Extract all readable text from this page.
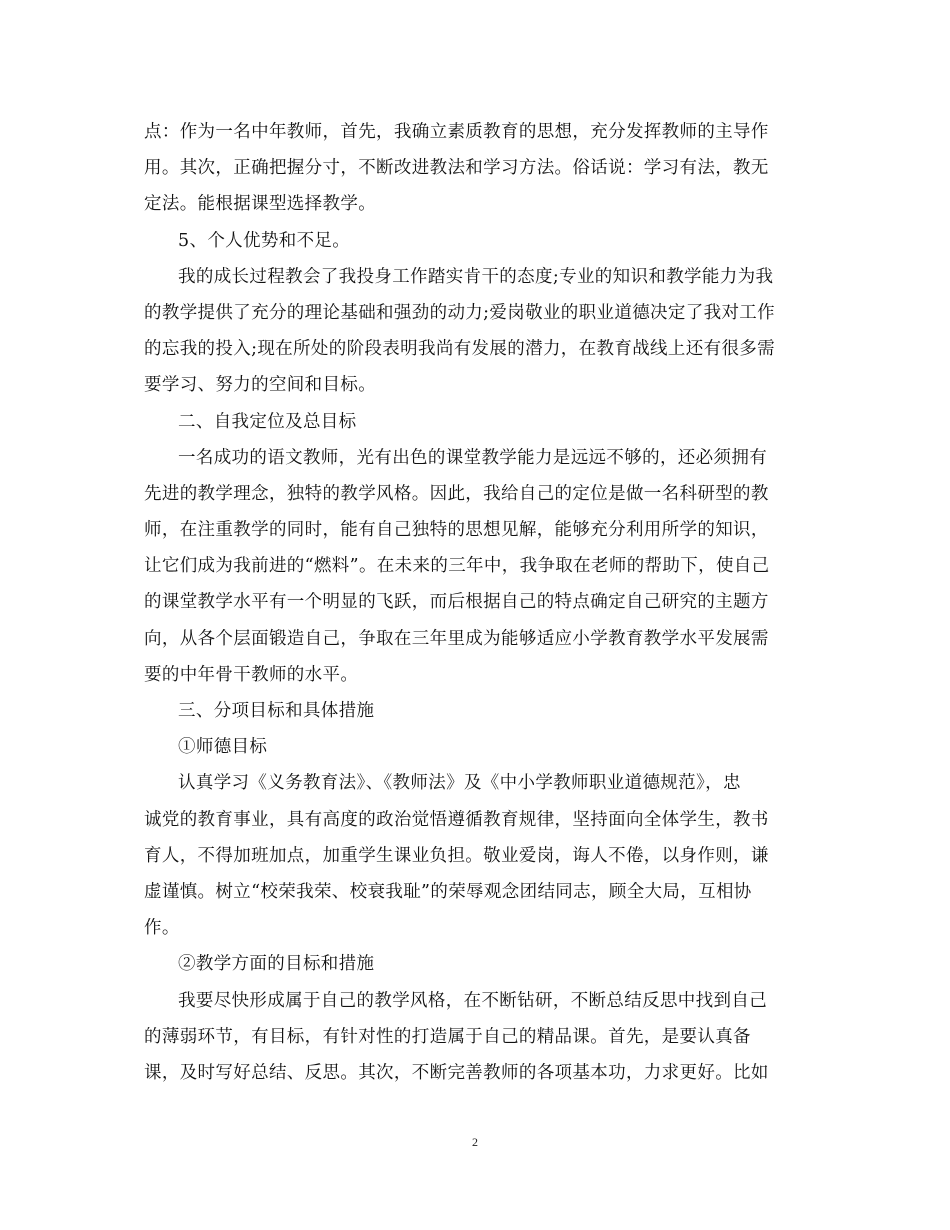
点：作为一名中年教师，首先，我确立素质教育的思想，充分发挥教师的主导作
用。其次，正确把握分寸，不断改进教法和学习方法。俗话说：学习有法，教无
定法。能根据课型选择教学。
5、个人优势和不足。
我的成长过程教会了我投身工作踏实肯干的态度;专业的知识和教学能力为我
的教学提供了充分的理论基础和强劲的动力;爱岗敬业的职业道德决定了我对工作
的忘我的投入;现在所处的阶段表明我尚有发展的潜力，在教育战线上还有很多需
要学习、努力的空间和目标。
二、自我定位及总目标
一名成功的语文教师，光有出色的课堂教学能力是远远不够的，还必须拥有
先进的教学理念，独特的教学风格。因此，我给自己的定位是做一名科研型的教
师，在注重教学的同时，能有自己独特的思想见解，能够充分利用所学的知识，
让它们成为我前进的“燃料”。在未来的三年中，我争取在老师的帮助下，使自己
的课堂教学水平有一个明显的飞跃，而后根据自己的特点确定自己研究的主题方
向，从各个层面锻造自己，争取在三年里成为能够适应小学教育教学水平发展需
要的中年骨干教师的水平。
三、分项目标和具体措施
①师德目标
认真学习《义务教育法》、《教师法》及《中小学教师职业道德规范》，忠
诚党的教育事业，具有高度的政治觉悟遵循教育规律，坚持面向全体学生，教书
育人，不得加班加点，加重学生课业负担。敬业爱岗，诲人不倦，以身作则，谦
虚谨慎。树立“校荣我荣、校衰我耻”的荣辱观念团结同志，顾全大局，互相协
作。
②教学方面的目标和措施
我要尽快形成属于自己的教学风格，在不断钻研，不断总结反思中找到自己
的薄弱环节，有目标，有针对性的打造属于自己的精品课。首先，是要认真备
课，及时写好总结、反思。其次，不断完善教师的各项基本功，力求更好。比如
2
